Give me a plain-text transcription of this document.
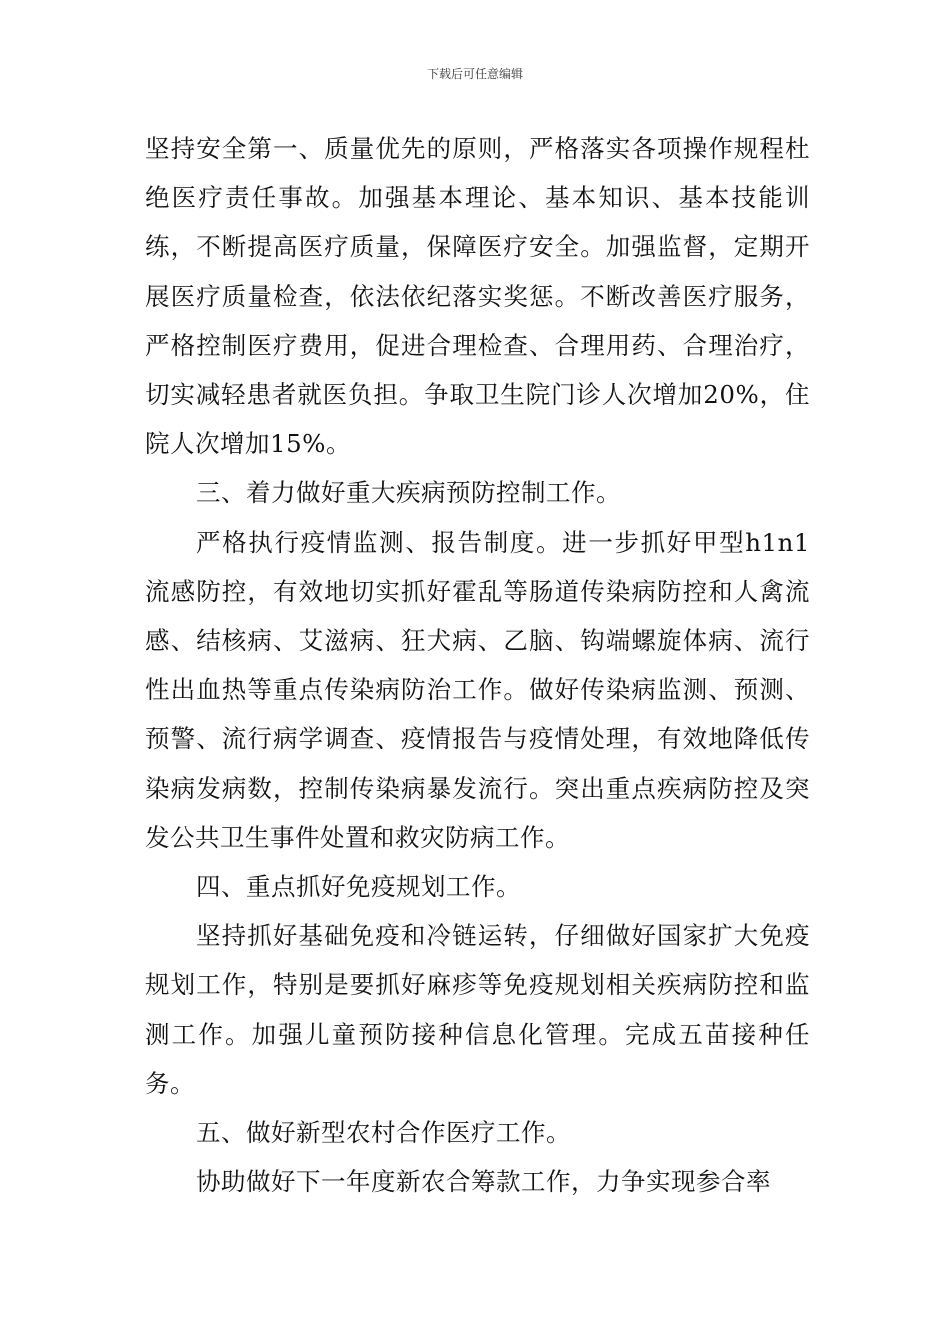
下载后可任意编辑

坚持安全第一、质量优先的原则，严格落实各项操作规程杜绝医疗责任事故。加强基本理论、基本知识、基本技能训练，不断提高医疗质量，保障医疗安全。加强监督，定期开展医疗质量检查，依法依纪落实奖惩。不断改善医疗服务，严格控制医疗费用，促进合理检查、合理用药、合理治疗，切实减轻患者就医负担。争取卫生院门诊人次增加20%，住院人次增加15%。

三、着力做好重大疾病预防控制工作。

严格执行疫情监测、报告制度。进一步抓好甲型h1n1流感防控，有效地切实抓好霍乱等肠道传染病防控和人禽流感、结核病、艾滋病、狂犬病、乙脑、钩端螺旋体病、流行性出血热等重点传染病防治工作。做好传染病监测、预测、预警、流行病学调查、疫情报告与疫情处理，有效地降低传染病发病数，控制传染病暴发流行。突出重点疾病防控及突发公共卫生事件处置和救灾防病工作。

四、重点抓好免疫规划工作。

坚持抓好基础免疫和冷链运转，仔细做好国家扩大免疫规划工作，特别是要抓好麻疹等免疫规划相关疾病防控和监测工作。加强儿童预防接种信息化管理。完成五苗接种任务。

五、做好新型农村合作医疗工作。

协助做好下一年度新农合筹款工作，力争实现参合率
